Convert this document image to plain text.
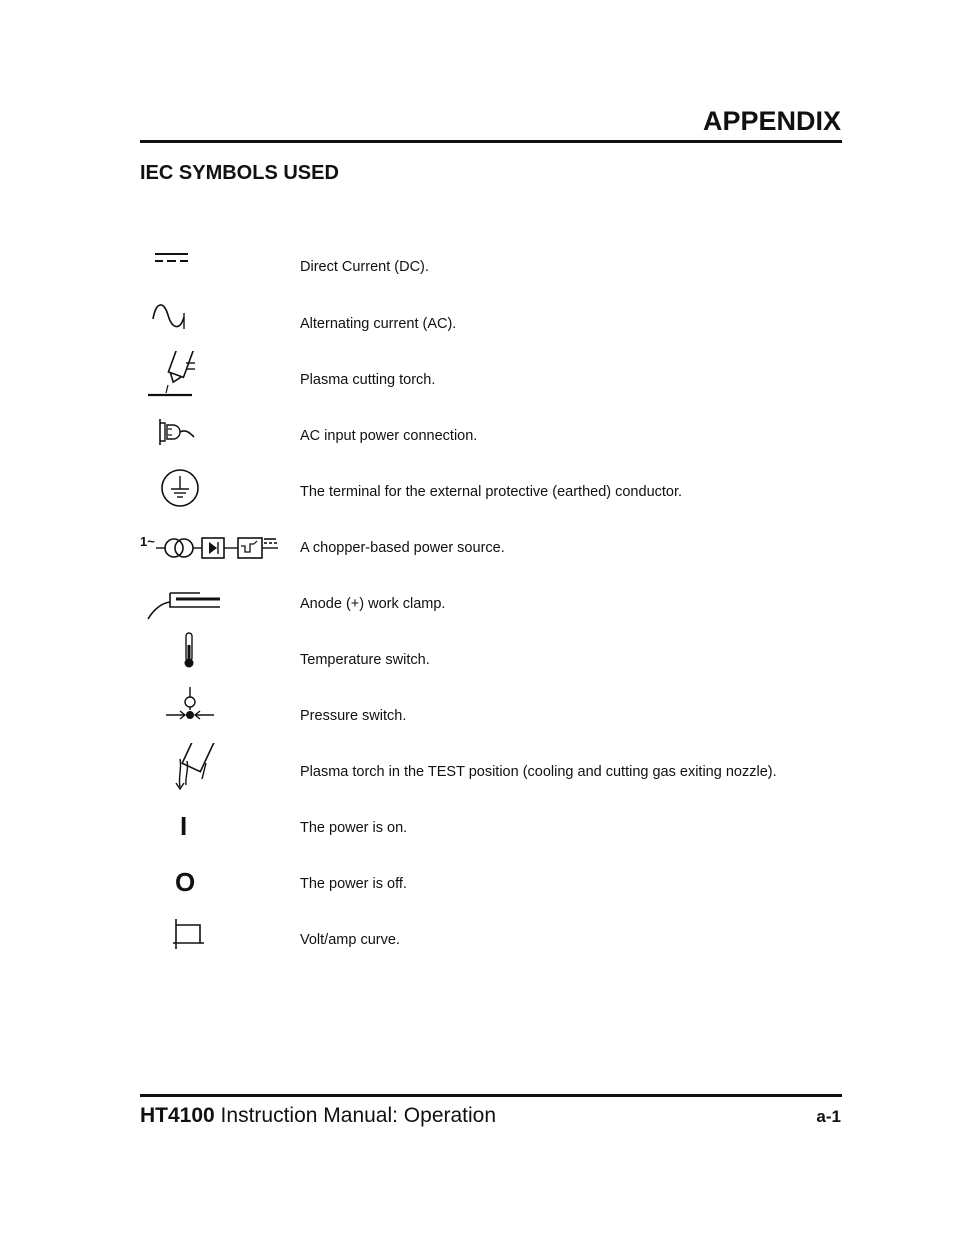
APPENDIX
IEC SYMBOLS USED
Direct Current (DC).
Alternating current (AC).
Plasma cutting torch.
AC input power connection.
The terminal for the external protective (earthed) conductor.
1~	A chopper-based power source.
Anode (+) work clamp.
Temperature switch.
Pressure switch.
Plasma torch in the TEST position (cooling and cutting gas exiting nozzle).
I	The power is on.
O	The power is off.
Volt/amp curve.
HT4100 Instruction Manual: Operation	a-1
